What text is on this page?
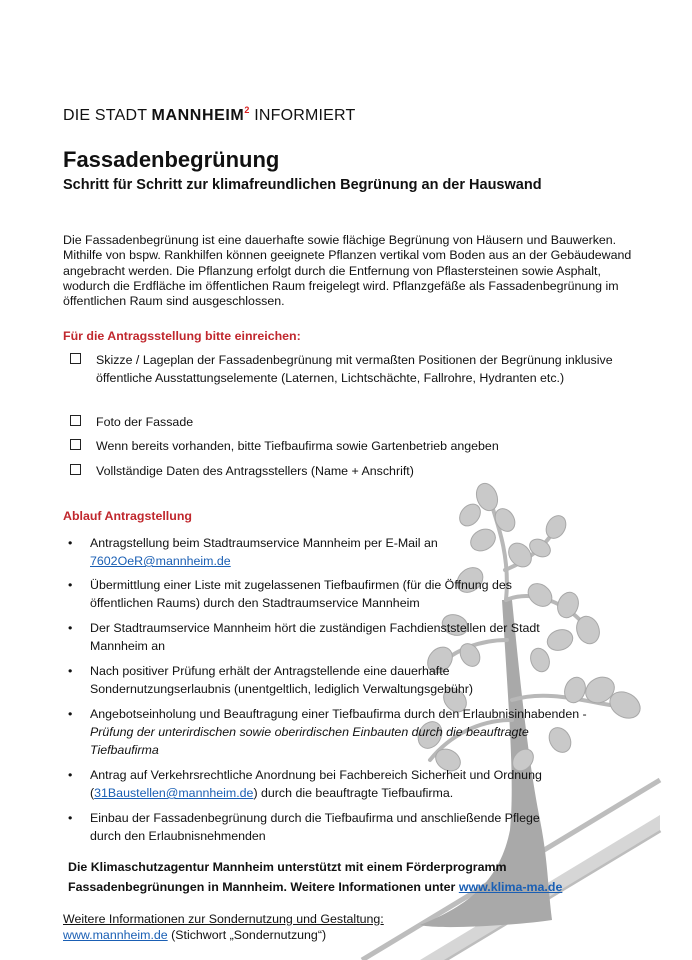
DIE STADT MANNHEIM$^2$ INFORMIERT
Fassadenbegrünung
Schritt für Schritt zur klimafreundlichen Begrünung an der Hauswand

Die Fassadenbegrünung ist eine dauerhafte sowie flächige Begrünung von Häusern und Bauwerken. Mithilfe von bspw. Rankhilfen können geeignete Pflanzen vertikal vom Boden aus an der Gebäudewand angebracht werden. Die Pflanzung erfolgt durch die Entfernung von Pflastersteinen sowie Asphalt, wodurch die Erdfläche im öffentlichen Raum freigelegt wird. Pflanzgefäße als Fassadenbegrünung im öffentlichen Raum sind ausgeschlossen.

Für die Antragsstellung bitte einreichen:

Skizze / Lageplan der Fassadenbegrünung mit vermaßten Positionen der Begrünung inklusive öffentliche Ausstattungselemente (Laternen, Lichtschächte, Fallrohre, Hydranten etc.)
Foto der Fassade
Wenn bereits vorhanden, bitte Tiefbaufirma sowie Gartenbetrieb angeben
Vollständige Daten des Antragsstellers (Name + Anschrift)

Ablauf Antragstellung

• Antragstellung beim Stadtraumservice Mannheim per E-Mail an
7602OeR@mannheim.de
• Übermittlung einer Liste mit zugelassenen Tiefbaufirmen (für die Öffnung des öffentlichen Raums) durch den Stadtraumservice Mannheim
• Der Stadtraumservice Mannheim hört die zuständigen Fachdienststellen der Stadt Mannheim an
• Nach positiver Prüfung erhält der Antragstellende eine dauerhafte Sondernutzungserlaubnis (unentgeltlich, lediglich Verwaltungsgebühr)
• Angebotseinholung und Beauftragung einer Tiefbaufirma durch den Erlaubnisinhabenden - Prüfung der unterirdischen sowie oberirdischen Einbauten durch die beauftragte Tiefbaufirma
• Antrag auf Verkehrsrechtliche Anordnung bei Fachbereich Sicherheit und Ordnung (31Baustellen@mannheim.de) durch die beauftragte Tiefbaufirma.
• Einbau der Fassadenbegrünung durch die Tiefbaufirma und anschließende Pflege durch den Erlaubnisnehmenden
Die Klimaschutzagentur Mannheim unterstützt mit einem Förderprogramm Fassadenbegrünungen in Mannheim. Weitere Informationen unter www.klima-ma.de
Weitere Informationen zur Sondernutzung und Gestaltung:
www.mannheim.de (Stichwort „Sondernutzung“)
